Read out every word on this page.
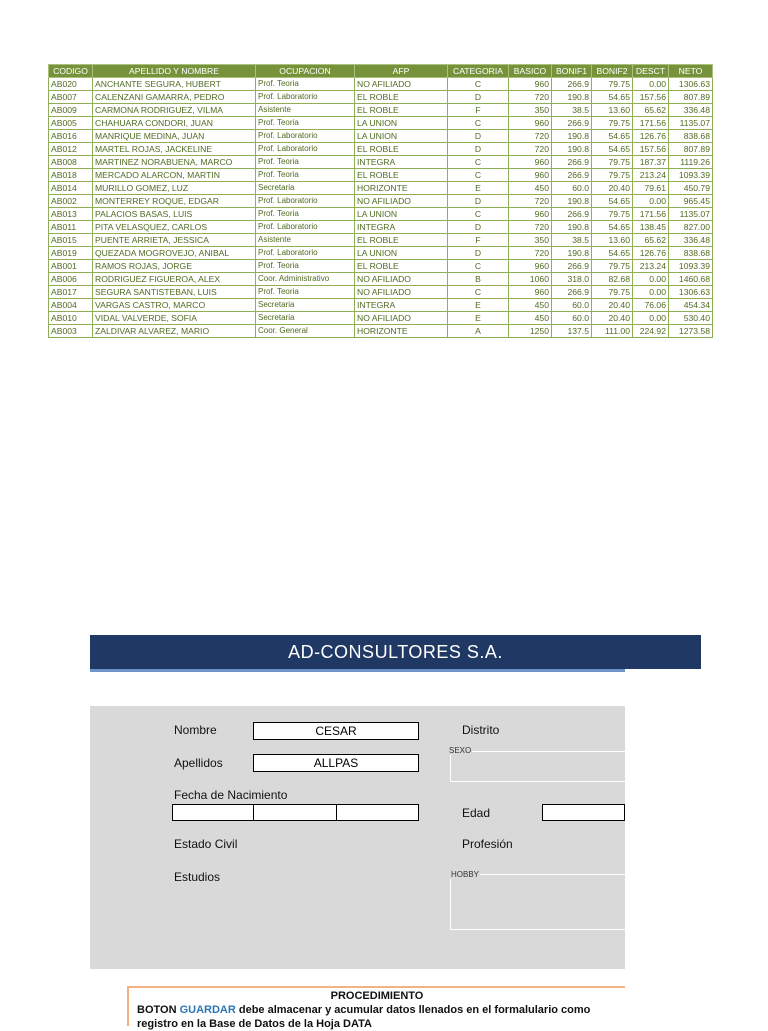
CODIGO	APELLIDO Y NOMBRE	OCUPACION	AFP	CATEGORIA	BASICO	BONIF1	BONIF2	DESCT	NETO
AB020	ANCHANTE SEGURA, HUBERT	Prof. Teoria	NO AFILIADO	C	960	266.9	79.75	0.00	1306.63
AB007	CALENZANI GAMARRA, PEDRO	Prof. Laboratorio	EL ROBLE	D	720	190.8	54.65	157.56	807.89
AB009	CARMONA RODRIGUEZ, VILMA	Asistente	EL ROBLE	F	350	38.5	13.60	65.62	336.48
AB005	CHAHUARA CONDORI, JUAN	Prof. Teoria	LA UNION	C	960	266.9	79.75	171.56	1135.07
AB016	MANRIQUE MEDINA, JUAN	Prof. Laboratorio	LA UNION	D	720	190.8	54.65	126.76	838.68
AB012	MARTEL ROJAS, JACKELINE	Prof. Laboratorio	EL ROBLE	D	720	190.8	54.65	157.56	807.89
AB008	MARTINEZ NORABUENA, MARCO	Prof. Teoria	INTEGRA	C	960	266.9	79.75	187.37	1119.26
AB018	MERCADO ALARCON, MARTIN	Prof. Teoria	EL ROBLE	C	960	266.9	79.75	213.24	1093.39
AB014	MURILLO GOMEZ, LUZ	Secretaria	HORIZONTE	E	450	60.0	20.40	79.61	450.79
AB002	MONTERREY ROQUE, EDGAR	Prof. Laboratorio	NO AFILIADO	D	720	190.8	54.65	0.00	965.45
AB013	PALACIOS BASAS, LUIS	Prof. Teoria	LA UNION	C	960	266.9	79.75	171.56	1135.07
AB011	PITA VELASQUEZ, CARLOS	Prof. Laboratorio	INTEGRA	D	720	190.8	54.65	138.45	827.00
AB015	PUENTE ARRIETA, JESSICA	Asistente	EL ROBLE	F	350	38.5	13.60	65.62	336.48
AB019	QUEZADA MOGROVEJO, ANIBAL	Prof. Laboratorio	LA UNION	D	720	190.8	54.65	126.76	838.68
AB001	RAMOS ROJAS, JORGE	Prof. Teoria	EL ROBLE	C	960	266.9	79.75	213.24	1093.39
AB006	RODRIGUEZ FIGUEROA, ALEX	Coor. Administrativo	NO AFILIADO	B	1060	318.0	82.68	0.00	1460.68
AB017	SEGURA SANTISTEBAN, LUIS	Prof. Teoria	NO AFILIADO	C	960	266.9	79.75	0.00	1306.63
AB004	VARGAS CASTRO, MARCO	Secretaria	INTEGRA	E	450	60.0	20.40	76.06	454.34
AB010	VIDAL VALVERDE, SOFIA	Secretaria	NO AFILIADO	E	450	60.0	20.40	0.00	530.40
AB003	ZALDIVAR ALVAREZ, MARIO	Coor. General	HORIZONTE	A	1250	137.5	111.00	224.92	1273.58
AD-CONSULTORES S.A.
Nombre	CESAR
Apellidos	ALLPAS
Fecha de Nacimiento
Estado Civil
Estudios
Distrito
SEXO
Edad
Profesión
HOBBY
PROCEDIMIENTO
BOTON GUARDAR debe almacenar y acumular datos llenados en el formalulario como
registro en la Base de Datos de la Hoja DATA
